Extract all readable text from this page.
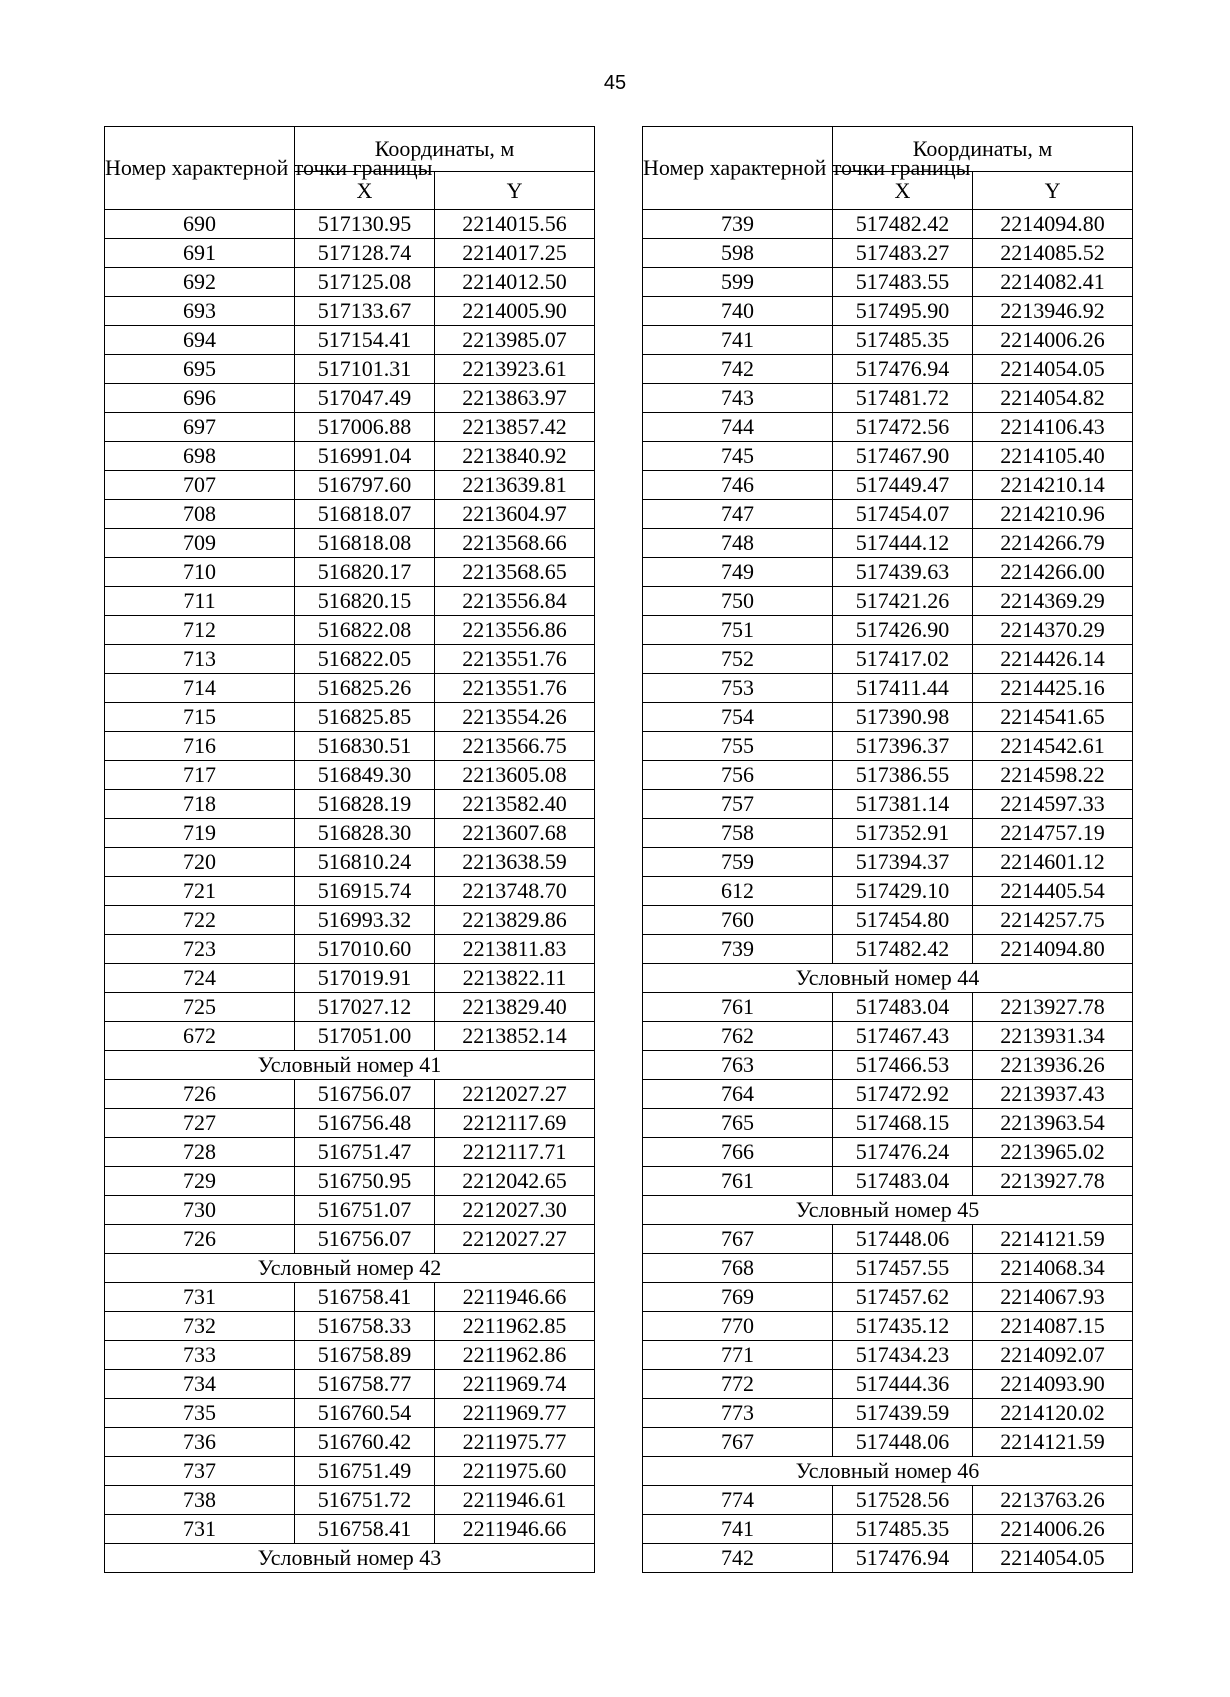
45
Номер характерной точки границы	Координаты, м	
	X	Y
690	517130.95	2214015.56
691	517128.74	2214017.25
692	517125.08	2214012.50
693	517133.67	2214005.90
694	517154.41	2213985.07
695	517101.31	2213923.61
696	517047.49	2213863.97
697	517006.88	2213857.42
698	516991.04	2213840.92
707	516797.60	2213639.81
708	516818.07	2213604.97
709	516818.08	2213568.66
710	516820.17	2213568.65
711	516820.15	2213556.84
712	516822.08	2213556.86
713	516822.05	2213551.76
714	516825.26	2213551.76
715	516825.85	2213554.26
716	516830.51	2213566.75
717	516849.30	2213605.08
718	516828.19	2213582.40
719	516828.30	2213607.68
720	516810.24	2213638.59
721	516915.74	2213748.70
722	516993.32	2213829.86
723	517010.60	2213811.83
724	517019.91	2213822.11
725	517027.12	2213829.40
672	517051.00	2213852.14
Условный номер 41		
726	516756.07	2212027.27
727	516756.48	2212117.69
728	516751.47	2212117.71
729	516750.95	2212042.65
730	516751.07	2212027.30
726	516756.07	2212027.27
Условный номер 42		
731	516758.41	2211946.66
732	516758.33	2211962.85
733	516758.89	2211962.86
734	516758.77	2211969.74
735	516760.54	2211969.77
736	516760.42	2211975.77
737	516751.49	2211975.60
738	516751.72	2211946.61
731	516758.41	2211946.66
Условный номер 43		
Номер характерной точки границы	Координаты, м	
	X	Y
739	517482.42	2214094.80
598	517483.27	2214085.52
599	517483.55	2214082.41
740	517495.90	2213946.92
741	517485.35	2214006.26
742	517476.94	2214054.05
743	517481.72	2214054.82
744	517472.56	2214106.43
745	517467.90	2214105.40
746	517449.47	2214210.14
747	517454.07	2214210.96
748	517444.12	2214266.79
749	517439.63	2214266.00
750	517421.26	2214369.29
751	517426.90	2214370.29
752	517417.02	2214426.14
753	517411.44	2214425.16
754	517390.98	2214541.65
755	517396.37	2214542.61
756	517386.55	2214598.22
757	517381.14	2214597.33
758	517352.91	2214757.19
759	517394.37	2214601.12
612	517429.10	2214405.54
760	517454.80	2214257.75
739	517482.42	2214094.80
Условный номер 44		
761	517483.04	2213927.78
762	517467.43	2213931.34
763	517466.53	2213936.26
764	517472.92	2213937.43
765	517468.15	2213963.54
766	517476.24	2213965.02
761	517483.04	2213927.78
Условный номер 45		
767	517448.06	2214121.59
768	517457.55	2214068.34
769	517457.62	2214067.93
770	517435.12	2214087.15
771	517434.23	2214092.07
772	517444.36	2214093.90
773	517439.59	2214120.02
767	517448.06	2214121.59
Условный номер 46		
774	517528.56	2213763.26
741	517485.35	2214006.26
742	517476.94	2214054.05
